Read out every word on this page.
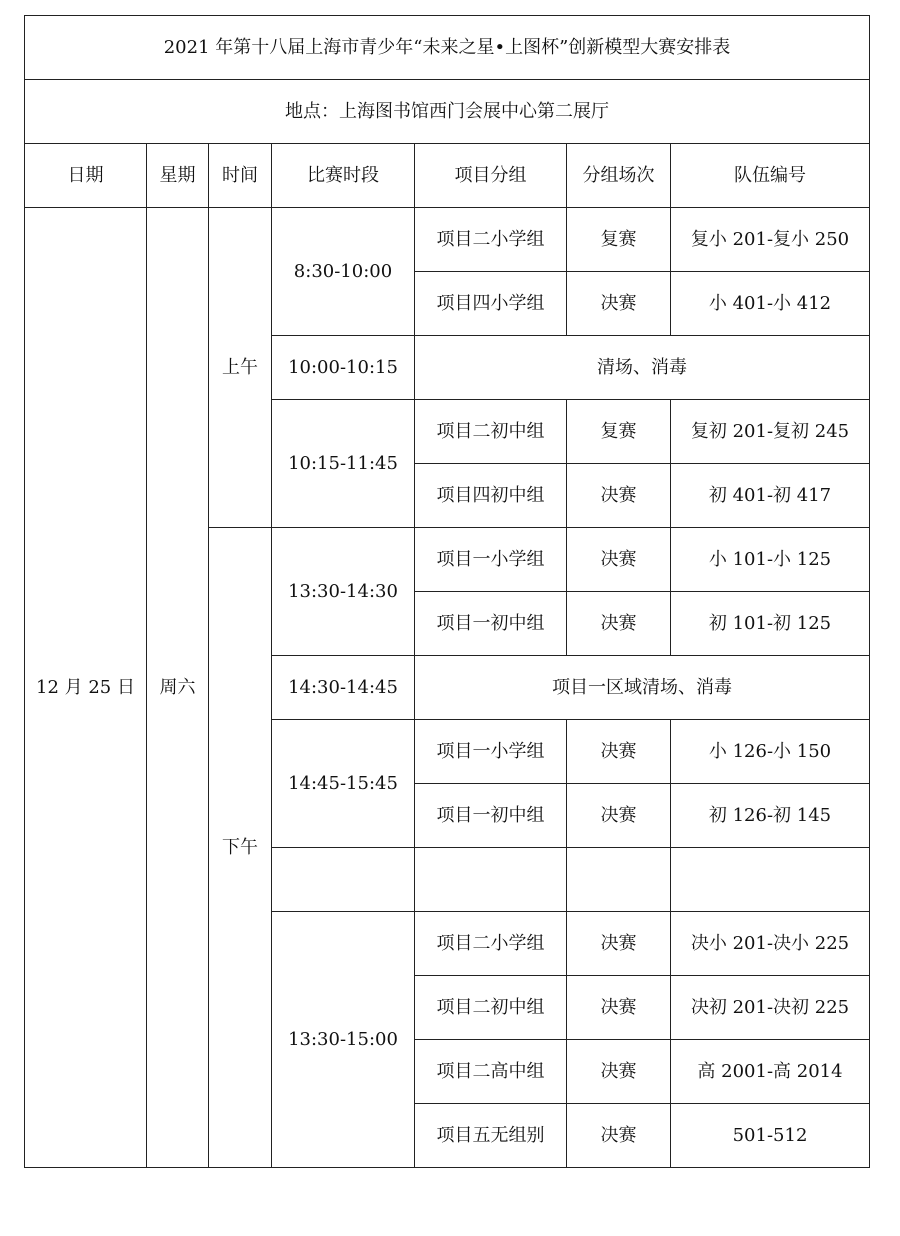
2021 年第十八届上海市青少年“未来之星•上图杯”创新模型大赛安排表						
地点：上海图书馆西门会展中心第二展厅						
日期	星期	时间	比赛时段	项目分组	分组场次	队伍编号
12 月 25 日	周六	上午	8:30-10:00	项目二小学组	复赛	复小 201-复小 250
				项目四小学组	决赛	小 401-小 412
			10:00-10:15	清场、消毒		
			10:15-11:45	项目二初中组	复赛	复初 201-复初 245
				项目四初中组	决赛	初 401-初 417
		下午	13:30-14:30	项目一小学组	决赛	小 101-小 125
				项目一初中组	决赛	初 101-初 125
			14:30-14:45	项目一区域清场、消毒		
			14:45-15:45	项目一小学组	决赛	小 126-小 150
				项目一初中组	决赛	初 126-初 145

			13:30-15:00	项目二小学组	决赛	决小 201-决小 225
				项目二初中组	决赛	决初 201-决初 225
				项目二高中组	决赛	高 2001-高 2014
				项目五无组别	决赛	501-512
